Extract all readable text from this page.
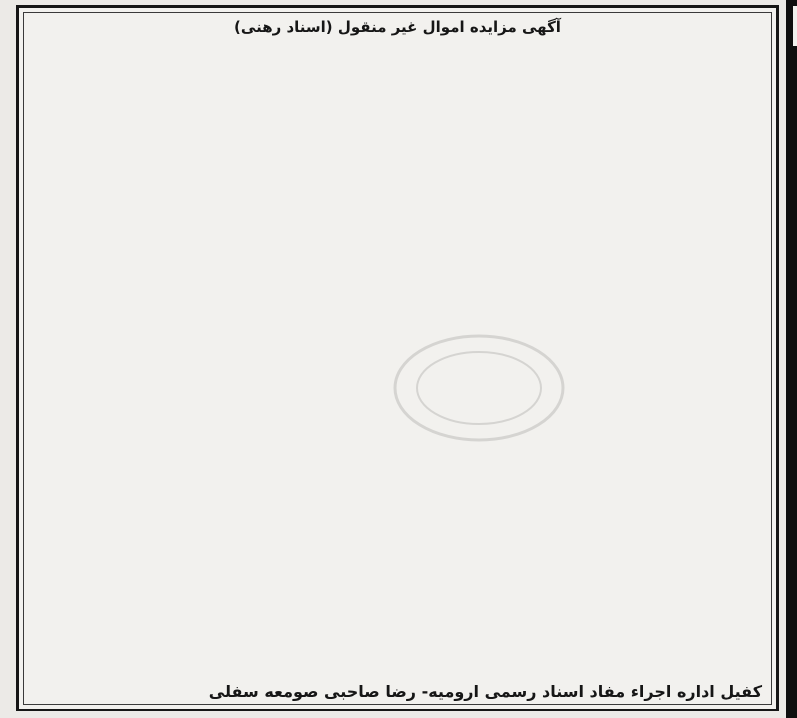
آگهی مزایده اموال غیر منقول (اسناد رهنی)
کفیل اداره اجراء مفاد اسناد رسمی ارومیه- رضا صاحبی صومعه سفلی
